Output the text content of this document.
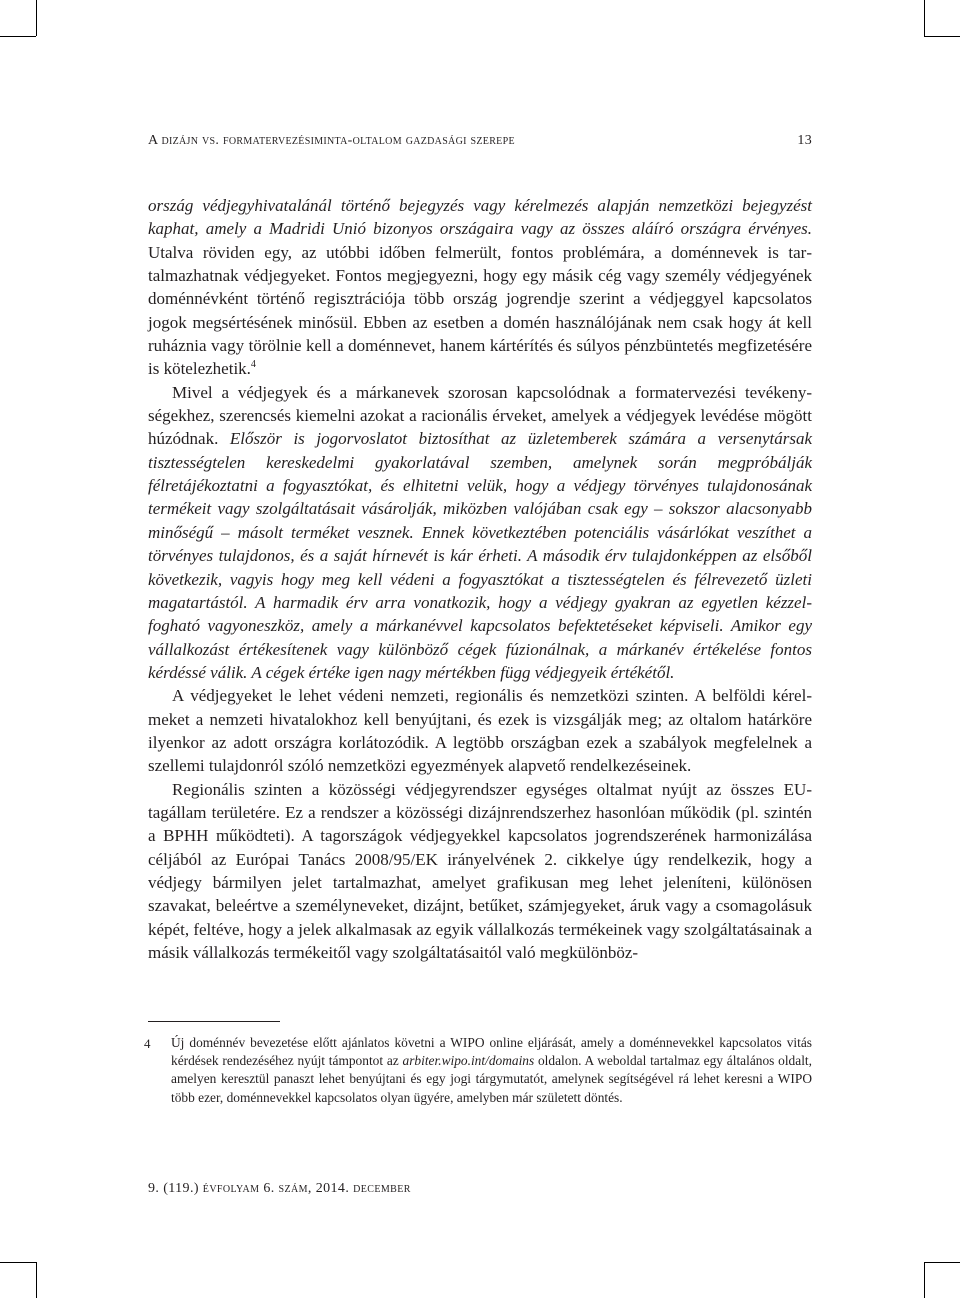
A dizájn vs. formatervezésiminta-oltalom gazdasági szerepe	13

ország védjegyhivatalánál történő bejegyzés vagy kérelmezés alapján nemzetközi bejegyzést kaphat, amely a Madridi Unió bizonyos országaira vagy az összes aláíró országra érvényes. Utalva röviden egy, az utóbbi időben felmerült, fontos problémára, a doménnevek is tartalmazhatnak védjegyeket. Fontos megjegyezni, hogy egy másik cég vagy személy védjegyének doménnévként történő regisztrációja több ország jogrendje szerint a védjeggyel kapcsolatos jogok megsértésének minősül. Ebben az esetben a domén használójának nem csak hogy át kell ruháznia vagy törölnie kell a doménnevet, hanem kártérítés és súlyos pénzbüntetés megfizetésére is kötelezhetik.$^4$

Mivel a védjegyek és a márkanevek szorosan kapcsolódnak a formatervezési tevékenységekhez, szerencsés kiemelni azokat a racionális érveket, amelyek a védjegyek levédése mögött húzódnak. Először is jogorvoslatot biztosíthat az üzletemberek számára a versenytársak tisztességtelen kereskedelmi gyakorlatával szemben, amelynek során megpróbálják félretájékoztatni a fogyasztókat, és elhitetni velük, hogy a védjegy törvényes tulajdonosának termékeit vagy szolgáltatásait vásárolják, miközben valójában csak egy – sokszor alacsonyabb minőségű – másolt terméket vesznek. Ennek következtében potenciális vásárlókat veszíthet a törvényes tulajdonos, és a saját hírnevét is kár érheti. A második érv tulajdonképpen az elsőből következik, vagyis hogy meg kell védeni a fogyasztókat a tisztességtelen és félrevezető üzleti magatartástól. A harmadik érv arra vonatkozik, hogy a védjegy gyakran az egyetlen kézzelfogható vagyoneszköz, amely a márkanévvel kapcsolatos befektetéseket képviseli. Amikor egy vállalkozást értékesítenek vagy különböző cégek fúzionálnak, a márkanév értékelése fontos kérdéssé válik. A cégek értéke igen nagy mértékben függ védjegyeik értékétől.

A védjegyeket le lehet védeni nemzeti, regionális és nemzetközi szinten. A belföldi kérelmeket a nemzeti hivatalokhoz kell benyújtani, és ezek is vizsgálják meg; az oltalom határköre ilyenkor az adott országra korlátozódik. A legtöbb országban ezek a szabályok megfelelnek a szellemi tulajdonról szóló nemzetközi egyezmények alapvető rendelkezéseinek.

Regionális szinten a közösségi védjegyrendszer egységes oltalmat nyújt az összes EU-tagállam területére. Ez a rendszer a közösségi dizájnrendszerhez hasonlóan működik (pl. szintén a BPHH működteti). A tagországok védjegyekkel kapcsolatos jogrendszerének harmonizálása céljából az Európai Tanács 2008/95/EK irányelvének 2. cikkelye úgy rendelkezik, hogy a védjegy bármilyen jelet tartalmazhat, amelyet grafikusan meg lehet jeleníteni, különösen szavakat, beleértve a személyneveket, dizájnt, betűket, számjegyeket, áruk vagy a csomagolásuk képét, feltéve, hogy a jelek alkalmasak az egyik vállalkozás termékeinek vagy szolgáltatásainak a másik vállalkozás termékeitől vagy szolgáltatásaitól való megkülönböz-

4 Új doménnév bevezetése előtt ajánlatos követni a WIPO online eljárását, amely a doménnevekkel kapcsolatos vitás kérdések rendezéséhez nyújt támpontot az arbiter.wipo.int/domains oldalon. A weboldal tartalmaz egy általános oldalt, amelyen keresztül panaszt lehet benyújtani és egy jogi tárgymutatót, amelynek segítségével rá lehet keresni a WIPO több ezer, doménnevekkel kapcsolatos olyan ügyére, amelyben már született döntés.
9. (119.) évfolyam 6. szám, 2014. december
